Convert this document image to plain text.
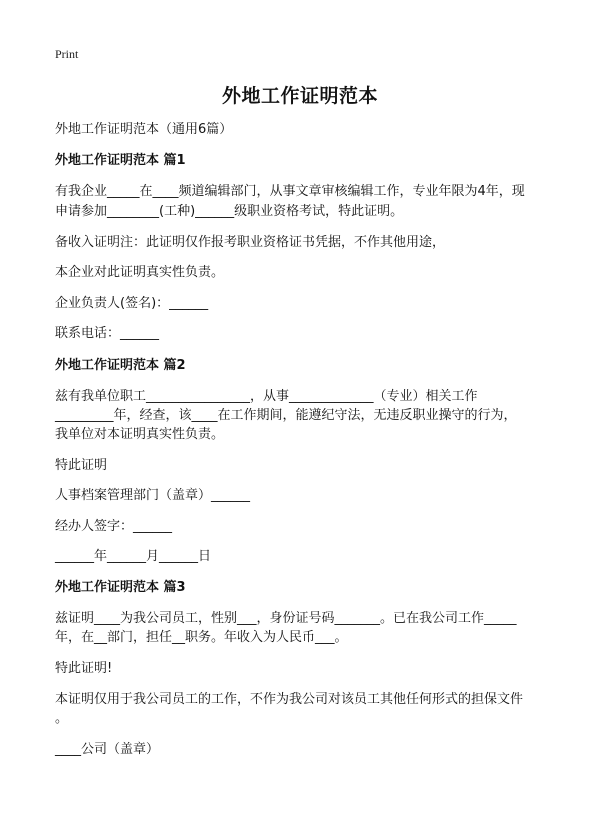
Print
外地工作证明范本
外地工作证明范本（通用6篇）
外地工作证明范本 篇1
有我企业_____在____频道编辑部门，从事文章审核编辑工作，专业年限为4年，现
申请参加________(工种)______级职业资格考试，特此证明。
备收入证明注：此证明仅作报考职业资格证书凭据，不作其他用途，
本企业对此证明真实性负责。
企业负责人(签名)：______
联系电话：______
外地工作证明范本 篇2
兹有我单位职工________________，从事_____________（专业）相关工作
_________年，经查，该____在工作期间，能遵纪守法，无违反职业操守的行为，
我单位对本证明真实性负责。
特此证明
人事档案管理部门（盖章）______
经办人签字：______
______年______月______日
外地工作证明范本 篇3
兹证明____为我公司员工，性别___，身份证号码_______。已在我公司工作_____
年，在__部门，担任__职务。年收入为人民币___。
特此证明!
本证明仅用于我公司员工的工作，不作为我公司对该员工其他任何形式的担保文件
。
____公司（盖章）
